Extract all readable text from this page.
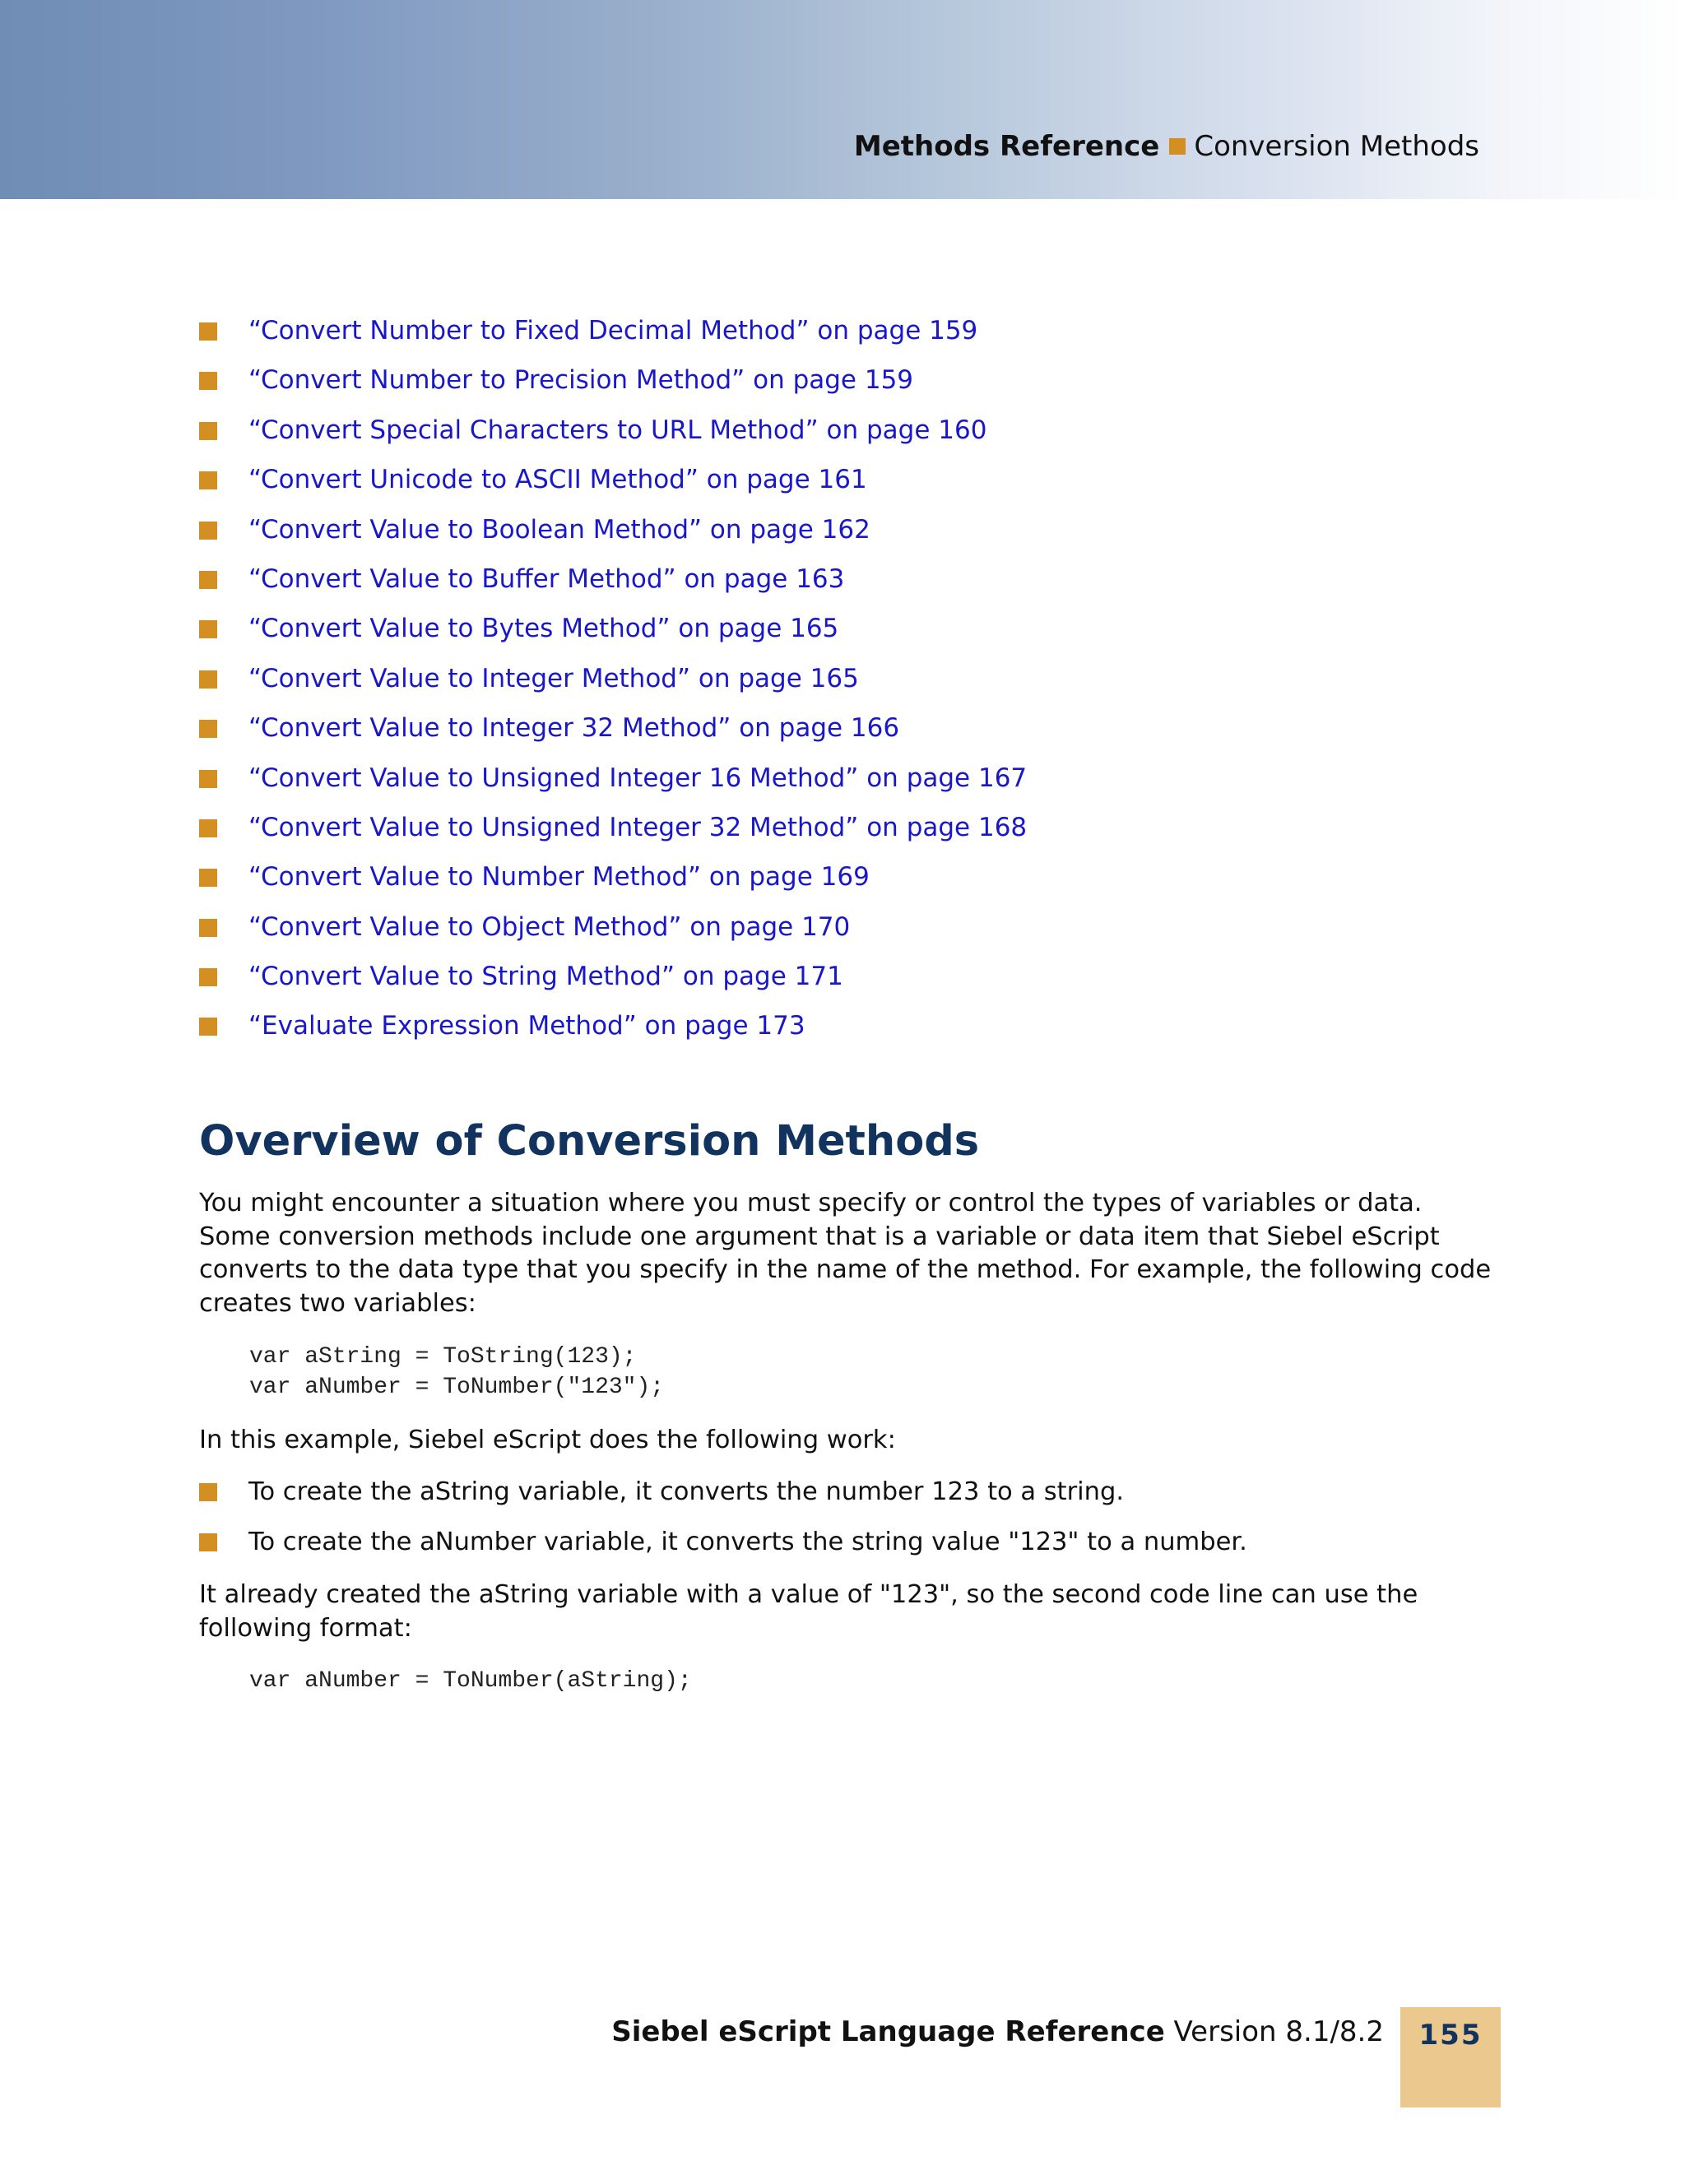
Methods Reference Conversion Methods
“Convert Number to Fixed Decimal Method” on page 159
“Convert Number to Precision Method” on page 159
“Convert Special Characters to URL Method” on page 160
“Convert Unicode to ASCII Method” on page 161
“Convert Value to Boolean Method” on page 162
“Convert Value to Buffer Method” on page 163
“Convert Value to Bytes Method” on page 165
“Convert Value to Integer Method” on page 165
“Convert Value to Integer 32 Method” on page 166
“Convert Value to Unsigned Integer 16 Method” on page 167
“Convert Value to Unsigned Integer 32 Method” on page 168
“Convert Value to Number Method” on page 169
“Convert Value to Object Method” on page 170
“Convert Value to String Method” on page 171
“Evaluate Expression Method” on page 173
Overview of Conversion Methods

You might encounter a situation where you must specify or control the types of variables or data. Some conversion methods include one argument that is a variable or data item that Siebel eScript converts to the data type that you specify in the name of the method. For example, the following code creates two variables:

var aString = ToString(123);
var aNumber = ToNumber("123");

In this example, Siebel eScript does the following work:

To create the aString variable, it converts the number 123 to a string.
To create the aNumber variable, it converts the string value "123" to a number.

It already created the aString variable with a value of "123", so the second code line can use the following format:

var aNumber = ToNumber(aString);
Siebel eScript Language Reference Version 8.1/8.2	155
